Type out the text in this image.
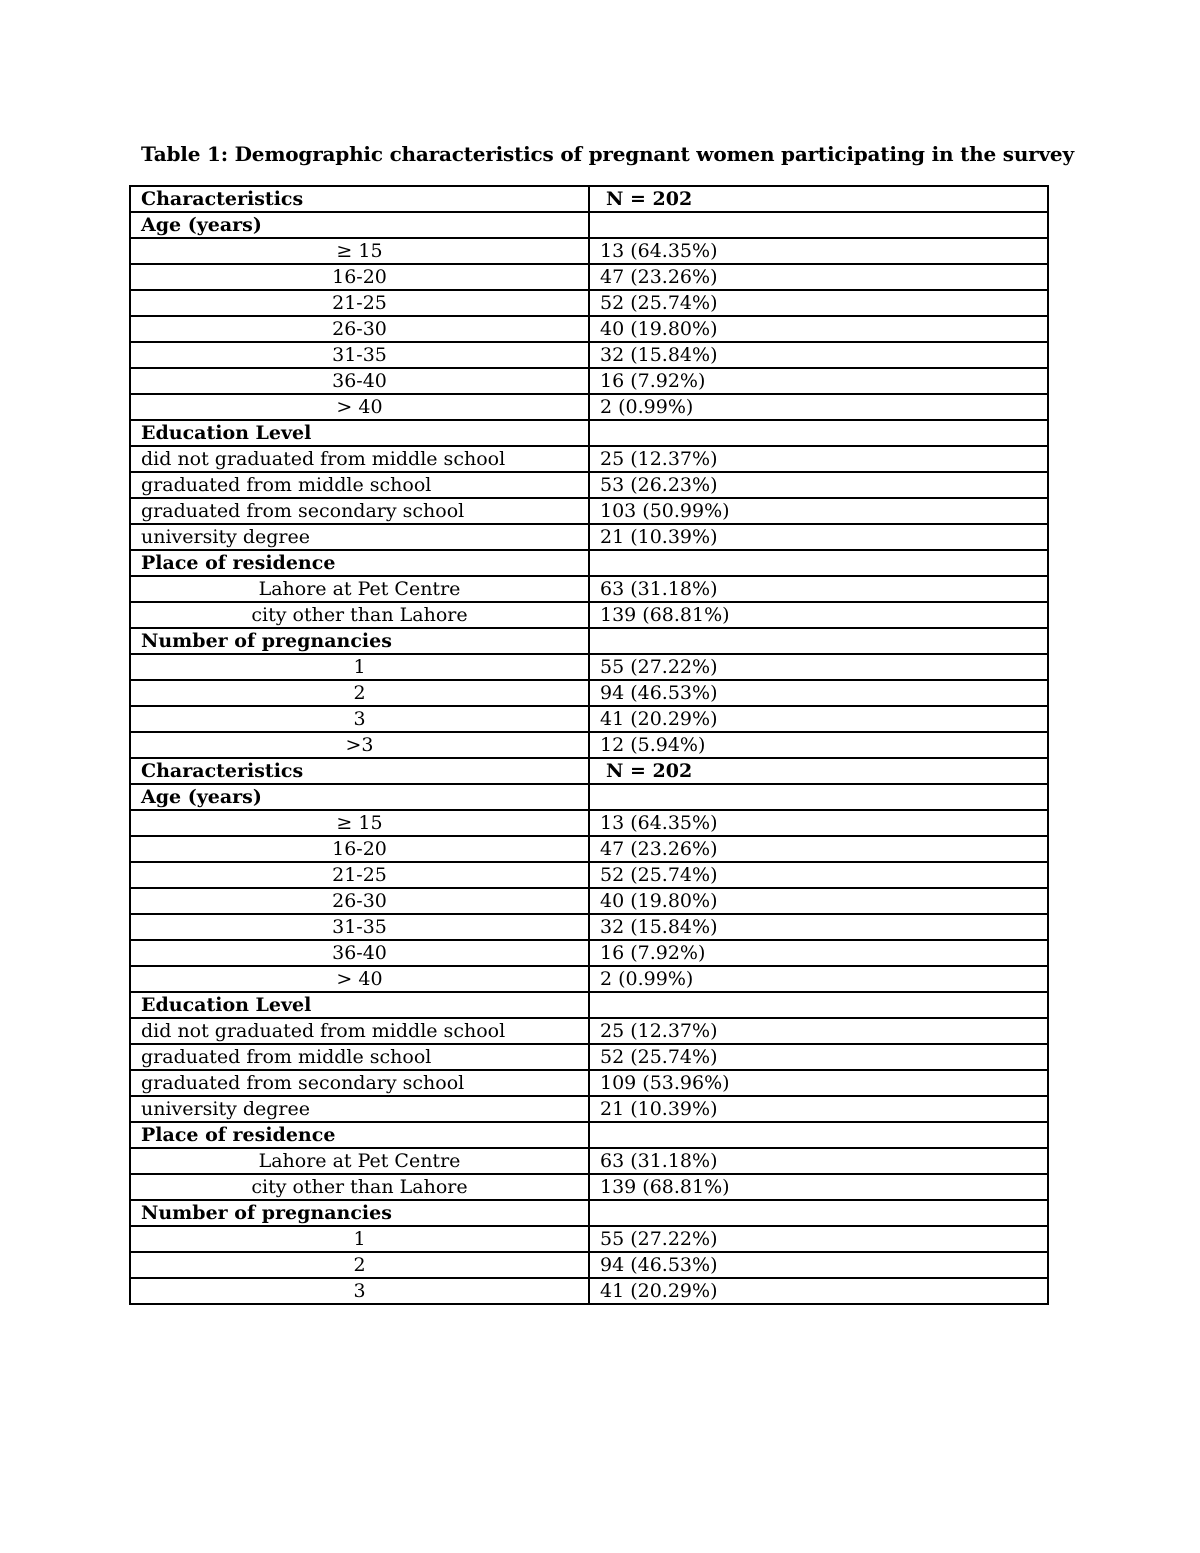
Table 1: Demographic characteristics of pregnant women participating in the survey
Characteristics	N = 202
Age (years)	
≥ 15	13 (64.35%)
16-20	47 (23.26%)
21-25	52 (25.74%)
26-30	40 (19.80%)
31-35	32 (15.84%)
36-40	16 (7.92%)
> 40	2 (0.99%)
Education Level	
did not graduated from middle school	25 (12.37%)
graduated from middle school	53 (26.23%)
graduated from secondary school	103 (50.99%)
university degree	21 (10.39%)
Place of residence	
Lahore at Pet Centre	63 (31.18%)
city other than Lahore	139 (68.81%)
Number of pregnancies	
1	55 (27.22%)
2	94 (46.53%)
3	41 (20.29%)
>3	12 (5.94%)
Characteristics	N = 202
Age (years)	
≥ 15	13 (64.35%)
16-20	47 (23.26%)
21-25	52 (25.74%)
26-30	40 (19.80%)
31-35	32 (15.84%)
36-40	16 (7.92%)
> 40	2 (0.99%)
Education Level	
did not graduated from middle school	25 (12.37%)
graduated from middle school	52 (25.74%)
graduated from secondary school	109 (53.96%)
university degree	21 (10.39%)
Place of residence	
Lahore at Pet Centre	63 (31.18%)
city other than Lahore	139 (68.81%)
Number of pregnancies	
1	55 (27.22%)
2	94 (46.53%)
3	41 (20.29%)
